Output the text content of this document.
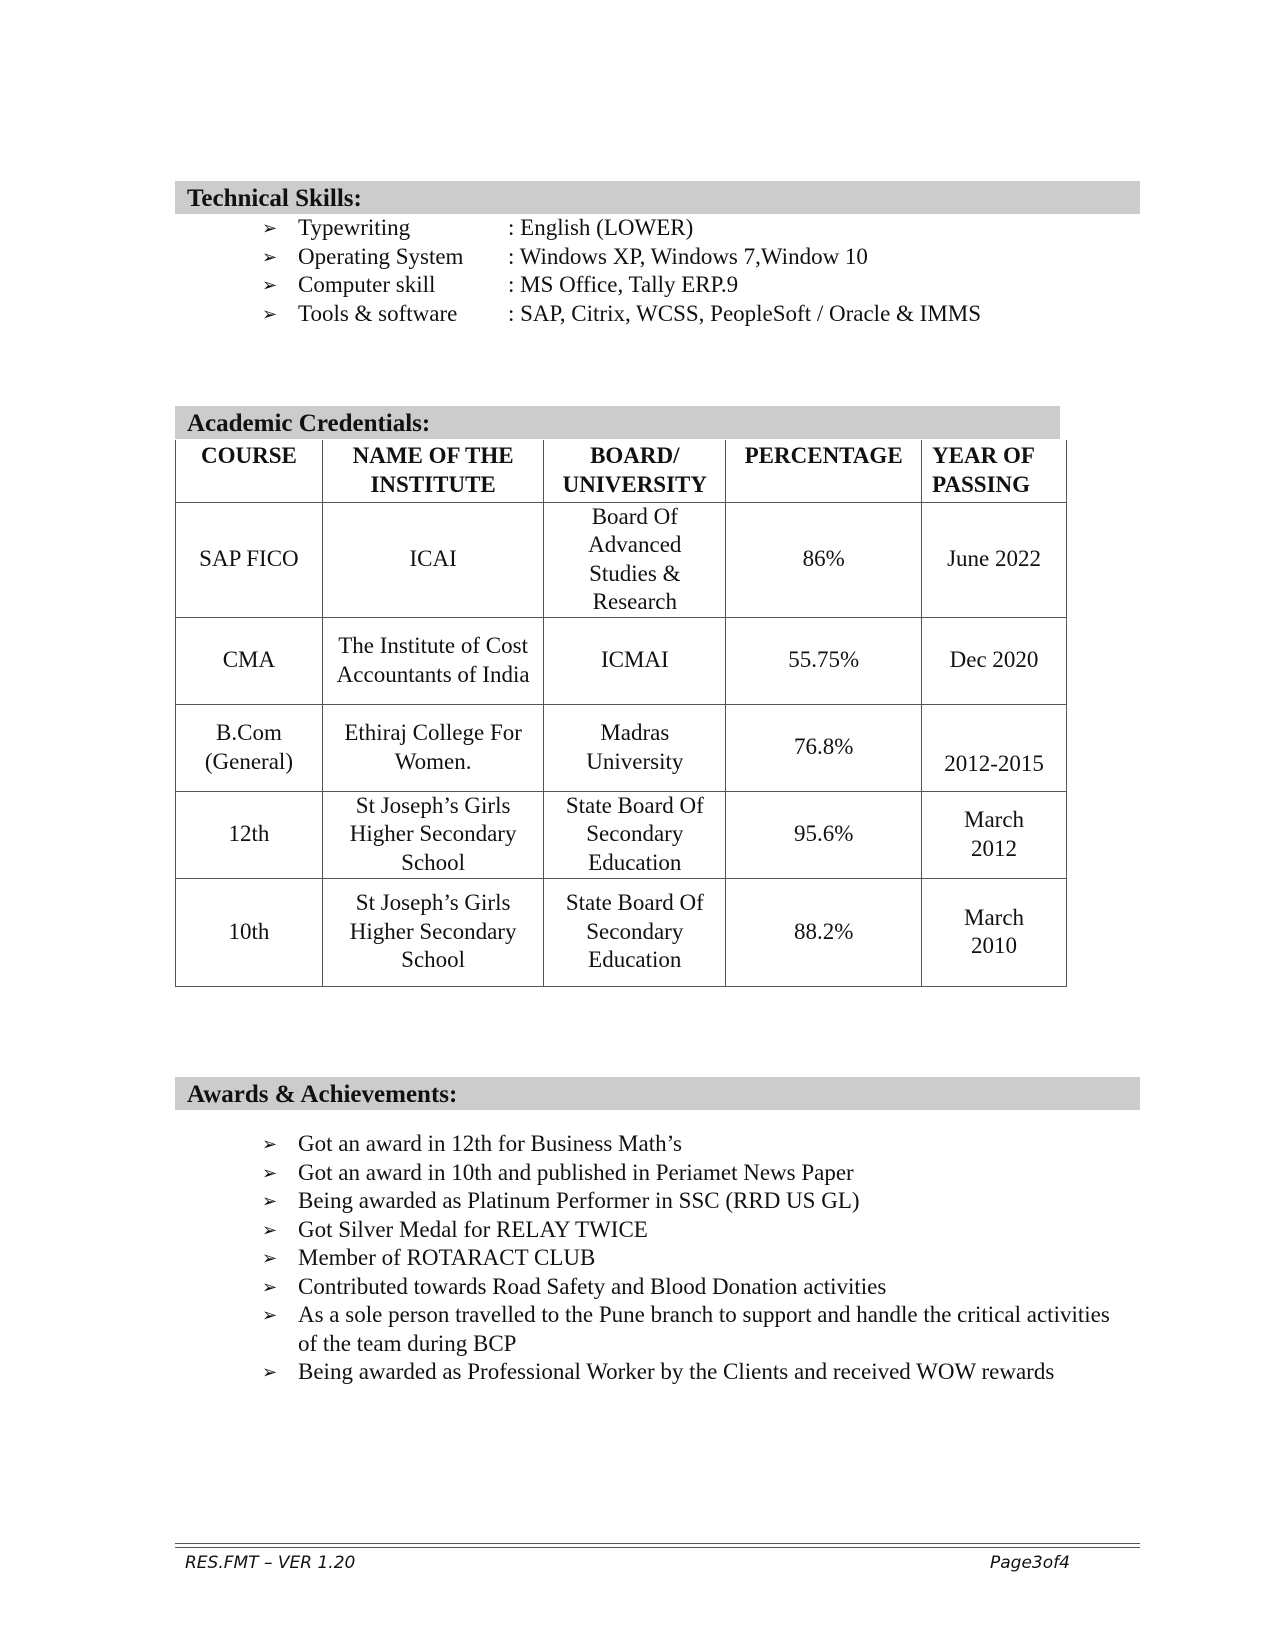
Technical Skills:
➢ Typewriting	: English (LOWER)
➢ Operating System	: Windows XP, Windows 7,Window 10
➢ Computer skill	: MS Office, Tally ERP.9
➢ Tools & software	: SAP, Citrix, WCSS, PeopleSoft / Oracle & IMMS
Academic Credentials:
COURSE	NAME OF THE INSTITUTE	BOARD/ UNIVERSITY	PERCENTAGE	YEAR OF PASSING
SAP FICO	ICAI	Board Of Advanced Studies & Research	86%	June 2022
CMA	The Institute of Cost Accountants of India	ICMAI	55.75%	Dec 2020
B.Com (General)	Ethiraj College For Women.	Madras University	76.8%	2012-2015
12th	St Joseph’s Girls Higher Secondary School	State Board Of Secondary Education	95.6%	March 2012
10th	St Joseph’s Girls Higher Secondary School	State Board Of Secondary Education	88.2%	March 2010
Awards & Achievements:
➢ Got an award in 12th for Business Math’s
➢ Got an award in 10th and published in Periamet News Paper
➢ Being awarded as Platinum Performer in SSC (RRD US GL)
➢ Got Silver Medal for RELAY TWICE
➢ Member of ROTARACT CLUB
➢ Contributed towards Road Safety and Blood Donation activities
➢ As a sole person travelled to the Pune branch to support and handle the critical activities of the team during BCP
➢ Being awarded as Professional Worker by the Clients and received WOW rewards
RES.FMT – VER 1.20	Page3of4
